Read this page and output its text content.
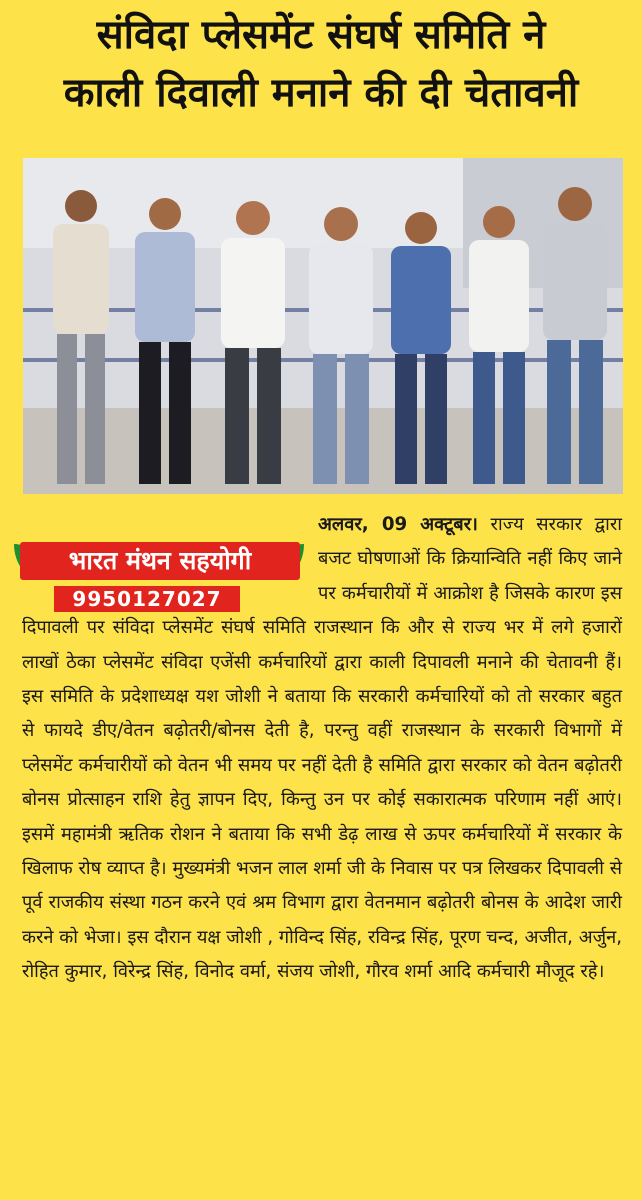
संविदा प्लेसमेंट संघर्ष समिति ने
काली दिवाली मनाने की दी चेतावनी
भारत मंथन सहयोगी
9950127027

अलवर, 09 अक्टूबर। राज्य सरकार द्वारा बजट घोषणाओं कि क्रियान्विति नहीं किए जाने पर कर्मचारीयों में आक्रोश है जिसके कारण इस दिपावली पर संविदा प्लेसमेंट संघर्ष समिति राजस्थान कि और से राज्य भर में लगे हजारों लाखों ठेका प्लेसमेंट संविदा एजेंसी कर्मचारियों द्वारा काली दिपावली मनाने की चेतावनी हैं। इस समिति के प्रदेशाध्यक्ष यश जोशी ने बताया कि सरकारी कर्मचारियों को तो सरकार बहुत से फायदे डीए/वेतन बढ़ोतरी/बोनस देती है, परन्तु वहीं राजस्थान के सरकारी विभागों में प्लेसमेंट कर्मचारीयों को वेतन भी समय पर नहीं देती है समिति द्वारा सरकार को वेतन बढ़ोतरी बोनस प्रोत्साहन राशि हेतु ज्ञापन दिए, किन्तु उन पर कोई सकारात्मक परिणाम नहीं आएं। इसमें महामंत्री ऋतिक रोशन ने बताया कि सभी डेढ़ लाख से ऊपर कर्मचारियों में सरकार के खिलाफ रोष व्याप्त है। मुख्यमंत्री भजन लाल शर्मा जी के निवास पर पत्र लिखकर दिपावली से पूर्व राजकीय संस्था गठन करने एवं श्रम विभाग द्वारा वेतनमान बढ़ोतरी बोनस के आदेश जारी करने को भेजा। इस दौरान यक्ष जोशी , गोविन्द सिंह, रविन्द्र सिंह, पूरण चन्द, अजीत, अर्जुन, रोहित कुमार, विरेन्द्र सिंह, विनोद वर्मा, संजय जोशी, गौरव शर्मा आदि कर्मचारी मौजूद रहे।
